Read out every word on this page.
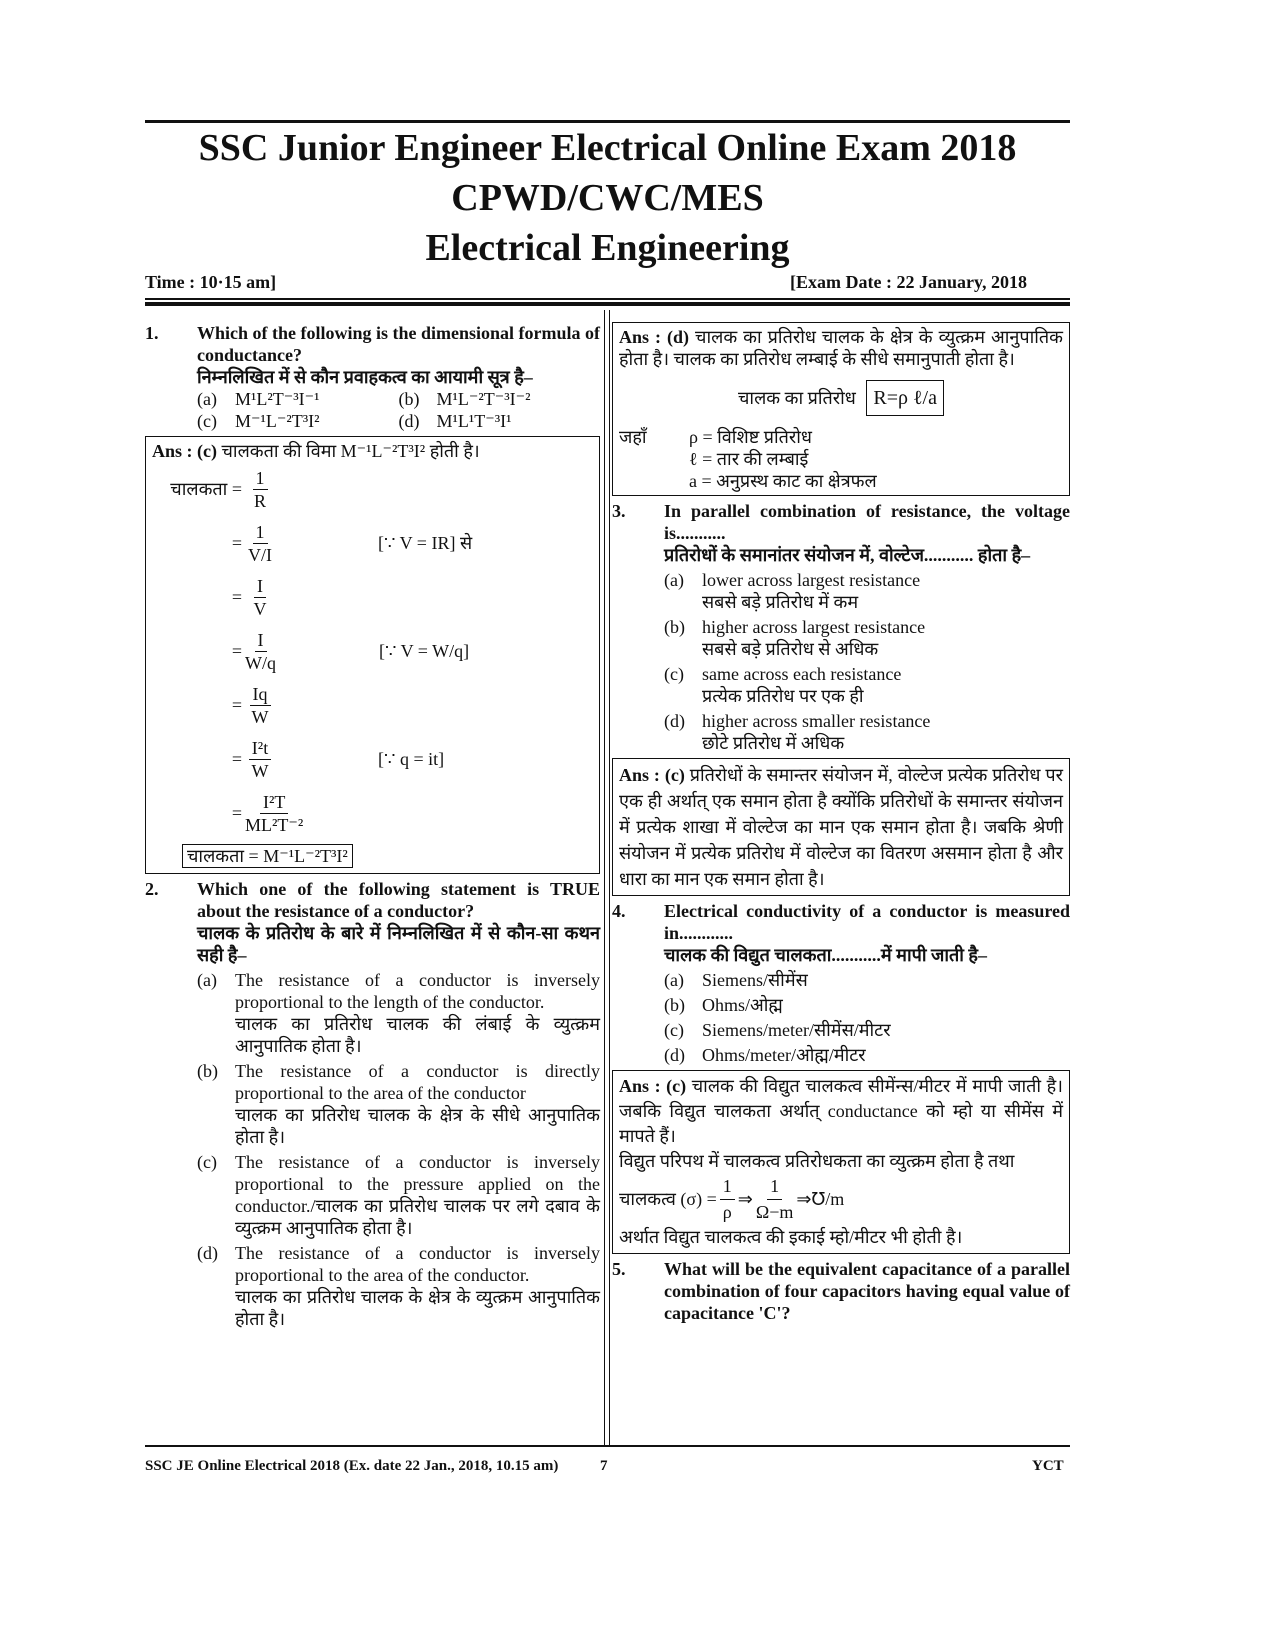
SSC Junior Engineer Electrical Online Exam 2018
CPWD/CWC/MES
Electrical Engineering
Time : 10·15 am]	[Exam Date : 22 January, 2018
1.	Which of the following is the dimensional formula of conductance?
निम्नलिखित में से कौन प्रवाहकत्व का आयामी सूत्र है–
(a)	M¹L²T⁻³I⁻¹	(b) M¹L⁻²T⁻³I⁻²
(c)	M⁻¹L⁻²T³I²	(d) M¹L¹T⁻³I¹
Ans : (c) चालकता की विमा M⁻¹L⁻²T³I² होती है।
चालकता = $\frac{1}{R}$
= $\frac{1}{V/I}$	[∵ V = IR] से
= $\frac{I}{V}$
= $\frac{I}{W/q}$	[∵ V = W/q]
= $\frac{Iq}{W}$
= $\frac{\text{I²t}}{W}$	[∵ q = it]
= $\frac{\text{I²T}}{\text{ML²T⁻²}}$
चालकता = M⁻¹L⁻²T³I²
2.	Which one of the following statement is TRUE about the resistance of a conductor?
चालक के प्रतिरोध के बारे में निम्नलिखित में से कौन-सा कथन सही है–
(a)	The resistance of a conductor is inversely proportional to the length of the conductor.
चालक का प्रतिरोध चालक की लंबाई के व्युत्क्रम आनुपातिक होता है।
(b) The resistance of a conductor is directly proportional to the area of the conductor
चालक का प्रतिरोध चालक के क्षेत्र के सीधे आनुपातिक होता है।
(c)	The resistance of a conductor is inversely proportional to the pressure applied on the conductor./चालक का प्रतिरोध चालक पर लगे दबाव के व्युत्क्रम आनुपातिक होता है।
(d) The resistance of a conductor is inversely proportional to the area of the conductor.
चालक का प्रतिरोध चालक के क्षेत्र के व्युत्क्रम आनुपातिक होता है।
Ans : (d) चालक का प्रतिरोध चालक के क्षेत्र के व्युत्क्रम आनुपातिक होता है। चालक का प्रतिरोध लम्बाई के सीधे समानुपाती होता है।
चालक का प्रतिरोध R=ρ ℓ/a
जहाँ	ρ = विशिष्ट प्रतिरोध
ℓ = तार की लम्बाई
a = अनुप्रस्थ काट का क्षेत्रफल
3.	In parallel combination of resistance, the voltage is...........
प्रतिरोधों के समानांतर संयोजन में, वोल्टेज........... होता है–
(a)	lower across largest resistance
सबसे बड़े प्रतिरोध में कम
(b) higher across largest resistance
सबसे बड़े प्रतिरोध से अधिक
(c)	same across each resistance
प्रत्येक प्रतिरोध पर एक ही
(d) higher across smaller resistance
छोटे प्रतिरोध में अधिक
Ans : (c) प्रतिरोधों के समान्तर संयोजन में, वोल्टेज प्रत्येक प्रतिरोध पर एक ही अर्थात् एक समान होता है क्योंकि प्रतिरोधों के समान्तर संयोजन में प्रत्येक शाखा में वोल्टेज का मान एक समान होता है। जबकि श्रेणी संयोजन में प्रत्येक प्रतिरोध में वोल्टेज का वितरण असमान होता है और धारा का मान एक समान होता है।
4.	Electrical conductivity of a conductor is measured in............
चालक की विद्युत चालकता...........में मापी जाती है–
(a)	Siemens/सीमेंस
(b) Ohms/ओह्म
(c)	Siemens/meter/सीमेंस/मीटर
(d) Ohms/meter/ओह्म/मीटर
Ans : (c) चालक की विद्युत चालकत्व सीमेंन्स/मीटर में मापी जाती है। जबकि विद्युत चालकता अर्थात् conductance को म्हो या सीमेंस में मापते हैं।
विद्युत परिपथ में चालकत्व प्रतिरोधकता का व्युत्क्रम होता है तथा
चालकत्व $(\sigma) = \frac{1}{\rho}$ ⇒ $\frac{1}{\Omega-m}$ ⇒℧/m
अर्थात विद्युत चालकत्व की इकाई म्हो/मीटर भी होती है।
5.	What will be the equivalent capacitance of a parallel combination of four capacitors having equal value of capacitance 'C'?
SSC JE Online Electrical 2018 (Ex. date 22 Jan., 2018, 10.15 am)	7	YCT
